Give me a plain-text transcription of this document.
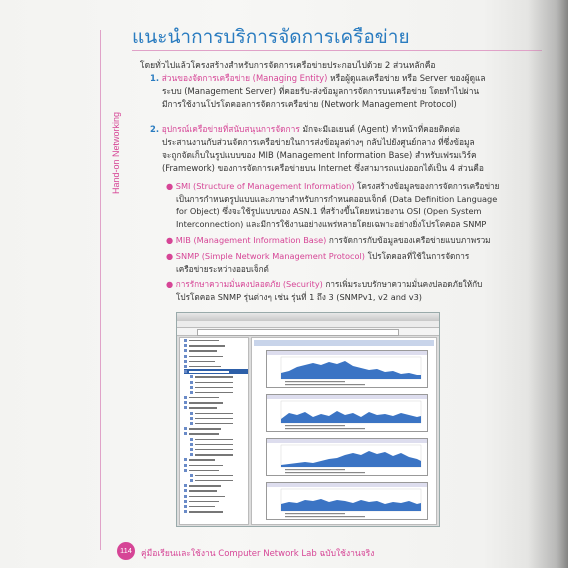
Hand-on Networking
แนะนำการบริการจัดการเครือข่าย
โดยทั่วไปแล้วโครงสร้างสำหรับการจัดการเครือข่ายประกอบไปด้วย 2 ส่วนหลักคือ
1. ส่วนของจัดการเครือข่าย (Managing Entity) หรือผู้ดูแลเครือข่าย หรือ Server ของผู้ดูแล
ระบบ (Management Server) ที่คอยรับ-ส่งข้อมูลการจัดการบนเครือข่าย โดยทำไปผ่าน
มีการใช้งานโปรโตคอลการจัดการเครือข่าย (Network Management Protocol)
2. อุปกรณ์เครือข่ายที่สนับสนุนการจัดการ มักจะมีเอเยนต์ (Agent) ทำหน้าที่คอยติดต่อ
ประสานงานกับส่วนจัดการเครือข่ายในการส่งข้อมูลต่างๆ กลับไปยังศูนย์กลาง ที่ซึ่งข้อมูล
จะถูกจัดเก็บในรูปแบบของ MIB (Management Information Base) สำหรับเฟรมเวิร์ค
(Framework) ของการจัดการเครือข่ายบน Internet ซึ่งสามารถแบ่งออกได้เป็น 4 ส่วนคือ
● SMI (Structure of Management Information) โครงสร้างข้อมูลของการจัดการเครือข่าย
เป็นการกำหนดรูปแบบและภาษาสำหรับการกำหนดออบเจ็กต์ (Data Definition Language
for Object) ซึ่งจะใช้รูปแบบของ ASN.1 ที่สร้างขึ้นโดยหน่วยงาน OSI (Open System
Interconnection) และมีการใช้งานอย่างแพร่หลายโดยเฉพาะอย่างยิ่งโปรโตคอล SNMP
● MIB (Management Information Base) การจัดการกับข้อมูลของเครือข่ายแบบภาพรวม
● SNMP (Simple Network Management Protocol) โปรโตคอลที่ใช้ในการจัดการ
เครือข่ายระหว่างออบเจ็กต์
● การรักษาความมั่นคงปลอดภัย (Security) การเพิ่มระบบรักษาความมั่นคงปลอดภัยให้กับ
โปรโตคอล SNMP รุ่นต่างๆ เช่น รุ่นที่ 1 ถึง 3 (SNMPv1, v2 and v3)
114	คู่มือเรียนและใช้งาน Computer Network Lab ฉบับใช้งานจริง
